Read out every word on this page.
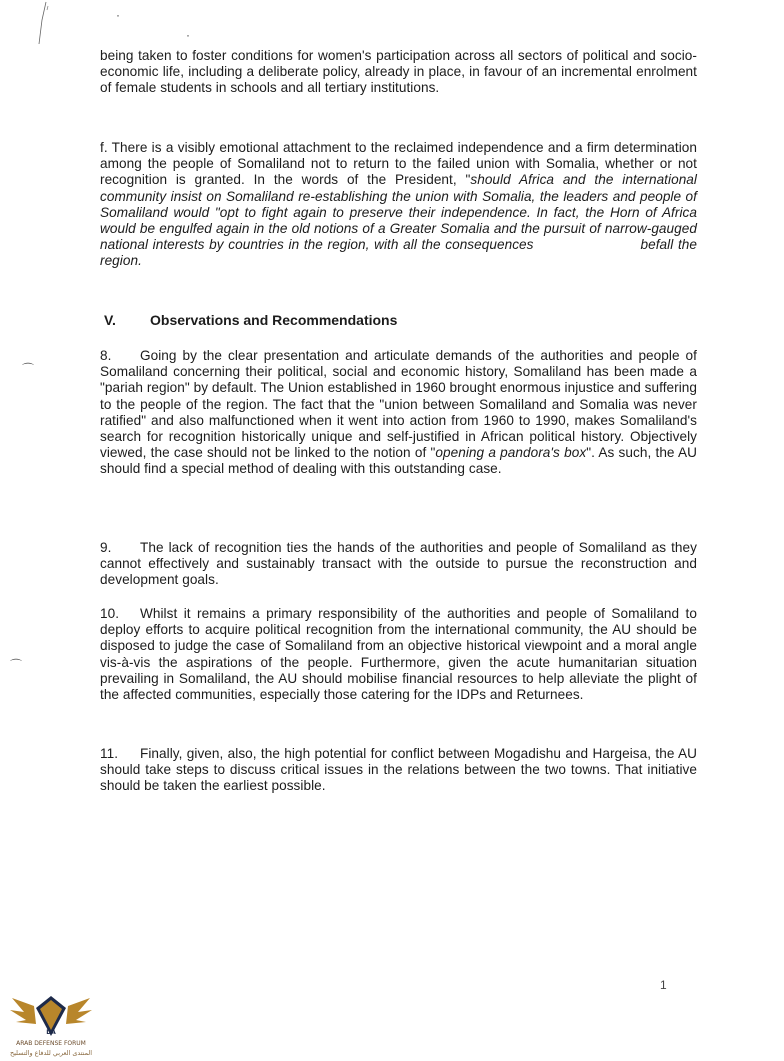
·
·
⌒
⌒
1

being taken to foster conditions for women's participation across all sectors of political and socio-economic life, including a deliberate policy, already in place, in favour of an incremental enrolment of female students in schools and all tertiary institutions.

f. There is a visibly emotional attachment to the reclaimed independence and a firm determination among the people of Somaliland not to return to the failed union with Somalia, whether or not recognition is granted. In the words of the President, "should Africa and the international community insist on Somaliland re-establishing the union with Somalia, the leaders and people of Somaliland would "opt to fight again to preserve their independence. In fact, the Horn of Africa would be engulfed again in the old notions of a Greater Somalia and the pursuit of narrow-gauged national interests by countries in the region, with all the consequences	befall the region.

V. Observations and Recommendations

8. Going by the clear presentation and articulate demands of the authorities and people of Somaliland concerning their political, social and economic history, Somaliland has been made a "pariah region" by default. The Union established in 1960 brought enormous injustice and suffering to the people of the region. The fact that the "union between Somaliland and Somalia was never ratified" and also malfunctioned when it went into action from 1960 to 1990, makes Somaliland's search for recognition historically unique and self-justified in African political history. Objectively viewed, the case should not be linked to the notion of "opening a pandora's box". As such, the AU should find a special method of dealing with this outstanding case.

9. The lack of recognition ties the hands of the authorities and people of Somaliland as they cannot effectively and sustainably transact with the outside to pursue the reconstruction and development goals.

10. Whilst it remains a primary responsibility of the authorities and people of Somaliland to deploy efforts to acquire political recognition from the international community, the AU should be disposed to judge the case of Somaliland from an objective historical viewpoint and a moral angle vis-à-vis the aspirations of the people. Furthermore, given the acute humanitarian situation prevailing in Somaliland, the AU should mobilise financial resources to help alleviate the plight of the affected communities, especially those catering for the IDPs and Returnees.

11. Finally, given, also, the high potential for conflict between Mogadishu and Hargeisa, the AU should take steps to discuss critical issues in the relations between the two towns. That initiative should be taken the earliest possible.

DA
ARAB DEFENSE FORUM
المنتدى العربي للدفاع والتسليح
